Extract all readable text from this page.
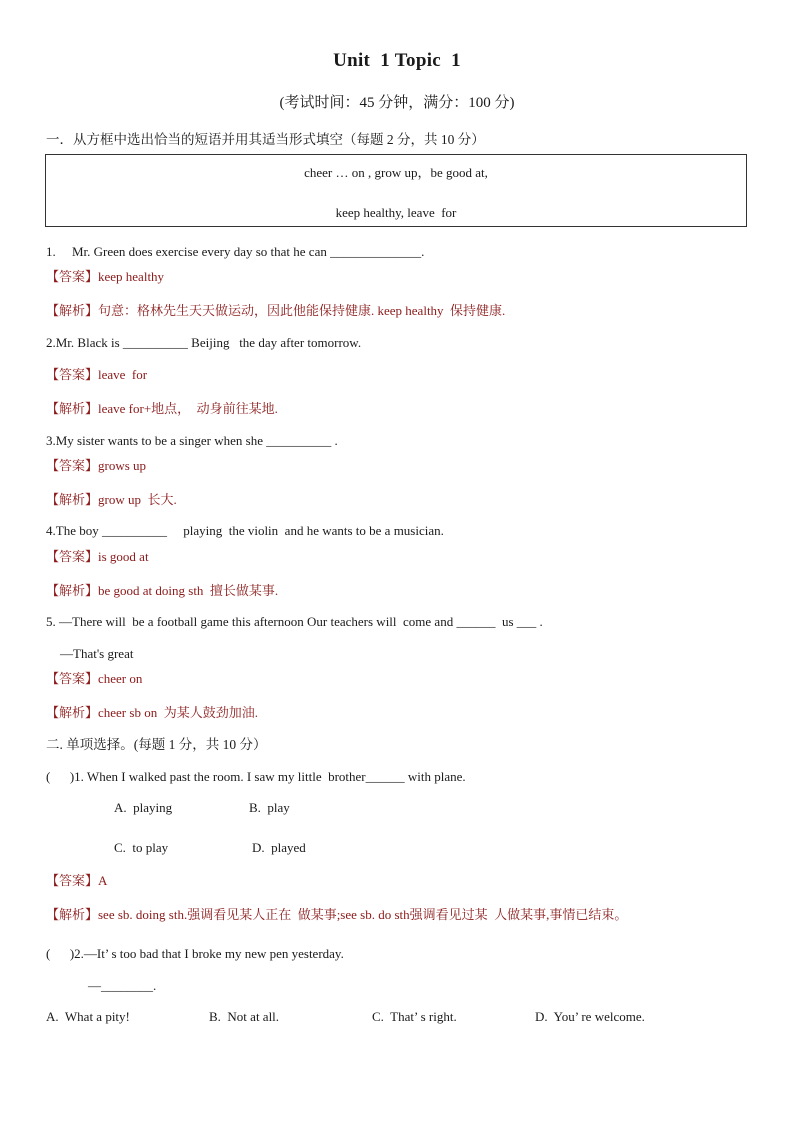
Unit  1 Topic  1
(考试时间：45 分钟，满分：100 分)
一．从方框中选出恰当的短语并用其适当形式填空（每题 2 分，共 10 分）
cheer … on , grow up，be good at,
keep healthy, leave  for
1.     Mr. Green does exercise every day so that he can ______________.
【答案】keep healthy
【解析】句意：格林先生天天做运动，因此他能保持健康. keep healthy  保持健康.
2.Mr. Black is __________ Beijing   the day after tomorrow.
【答案】leave  for
【解析】leave for+地点，  动身前往某地.
3.My sister wants to be a singer when she __________ .
【答案】grows up
【解析】grow up  长大.
4.The boy __________     playing  the violin  and he wants to be a musician.
【答案】is good at
【解析】be good at doing sth  擅长做某事.
5. —There will  be a football game this afternoon Our teachers will  come and ______  us ___ .
—That's great
【答案】cheer on
【解析】cheer sb on  为某人鼓劲加油.
二. 单项选择。(每题 1 分，共 10 分）
(      )1. When I walked past the room. I saw my little  brother______ with plane.
A.  playing	B.  play
C.  to play	D.  played
【答案】A
【解析】see sb. doing sth.强调看见某人正在  做某事;see sb. do sth强调看见过某  人做某事,事情已结束。
(      )2.—It’ s too bad that I broke my new pen yesterday.
—________.
A.  What a pity!	B.  Not at all.	C.  That’ s right.	D.  You’ re welcome.
